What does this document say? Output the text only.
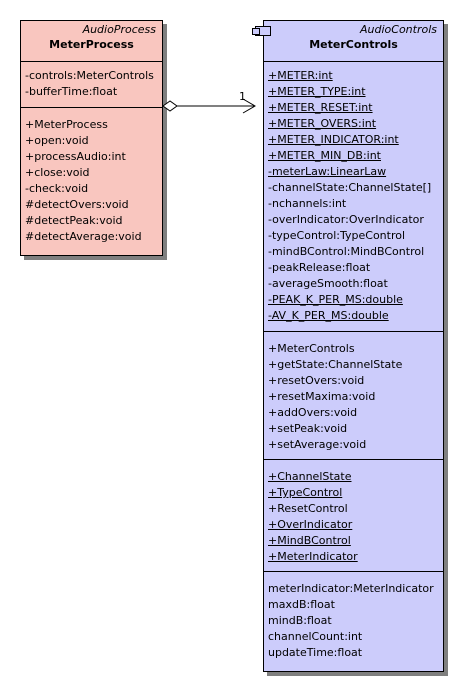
AudioProcess
MeterProcess
-controls:MeterControls
-bufferTime:float
+MeterProcess
+open:void
+processAudio:int
+close:void
-check:void
#detectOvers:void
#detectPeak:void
#detectAverage:void
AudioControls
MeterControls
+METER:int
+METER_TYPE:int
+METER_RESET:int
+METER_OVERS:int
+METER_INDICATOR:int
+METER_MIN_DB:int
-meterLaw:LinearLaw
-channelState:ChannelState[]
-nchannels:int
-overIndicator:OverIndicator
-typeControl:TypeControl
-mindBControl:MindBControl
-peakRelease:float
-averageSmooth:float
-PEAK_K_PER_MS:double
-AV_K_PER_MS:double
+MeterControls
+getState:ChannelState
+resetOvers:void
+resetMaxima:void
+addOvers:void
+setPeak:void
+setAverage:void
+ChannelState
+TypeControl
+ResetControl
+OverIndicator
+MindBControl
+MeterIndicator
meterIndicator:MeterIndicator
maxdB:float
mindB:float
channelCount:int
updateTime:float
1
